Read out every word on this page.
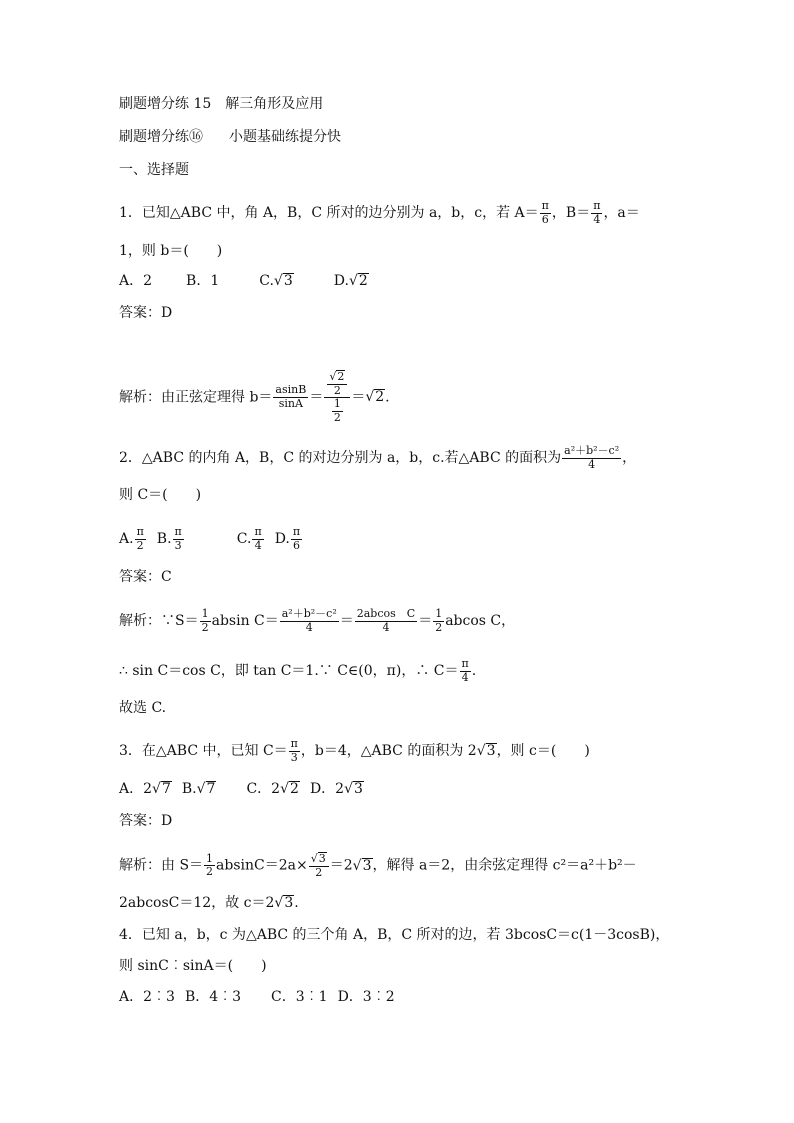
刷题增分练 15　解三角形及应用
刷题增分练⑯ 小题基础练提分快
一、选择题
1．已知△ABC 中，角 A，B，C 所对的边分别为 a，b，c，若 $A= \frac{\pi}{6}$ ，$B= \frac{\pi}{4}$ ，a＝
1，则 b＝(　　)
A．2 B．1	C.√3	D.√2
答案：D
解析：由正弦定理得 $b= \frac{asinB}{\sin A} = \frac{\frac{√2}{2}}{\frac{1}{2}} =√2$.
2．△ABC 的内角 A，B，C 的对边分别为 a，b，c.若△ABC 的面积为 $\frac{\text{a²＋b²－c²}}{4}$ ，
则 C＝(　　)
A. $\frac{\pi}{2} B$. $\frac{\pi}{3}$	C. $\frac{\pi}{4} D$. $\frac{\pi}{6}$
答案：C
解析：∵S＝ $\frac{1}{2}$ absin $C= \frac{\text{a²＋b²－c²}}{4} = \frac{\text{2abcos　C}}{4} = \frac{1}{2}$ abcos C，
∴ sin C＝cos C，即 tan C＝1.∵ C∈(0，π)，∴ $C= \frac{\pi}{4}$ .
故选 C.
3．在△ABC 中，已知 $C= \frac{\pi}{3}$ ，b＝4，△ABC 的面积为 2√3，则 c＝(　　)
A．2√7 B.√7 C．2√2 D．2√3
答案：D
解析：由 $S= \frac{1}{2} absinC=2a\times \frac{√3}{2} =2√3$，解得 a＝2，由余弦定理得 c²＝a²＋b²－
2abcosC＝12，故 c＝2√3.
4．已知 a，b，c 为△ABC 的三个角 A，B，C 所对的边，若 3bcosC＝c(1－3cosB)，
则 sinC︰sinA＝(　　)
A．2︰3 B．4︰3 C．3︰1 D．3︰2
